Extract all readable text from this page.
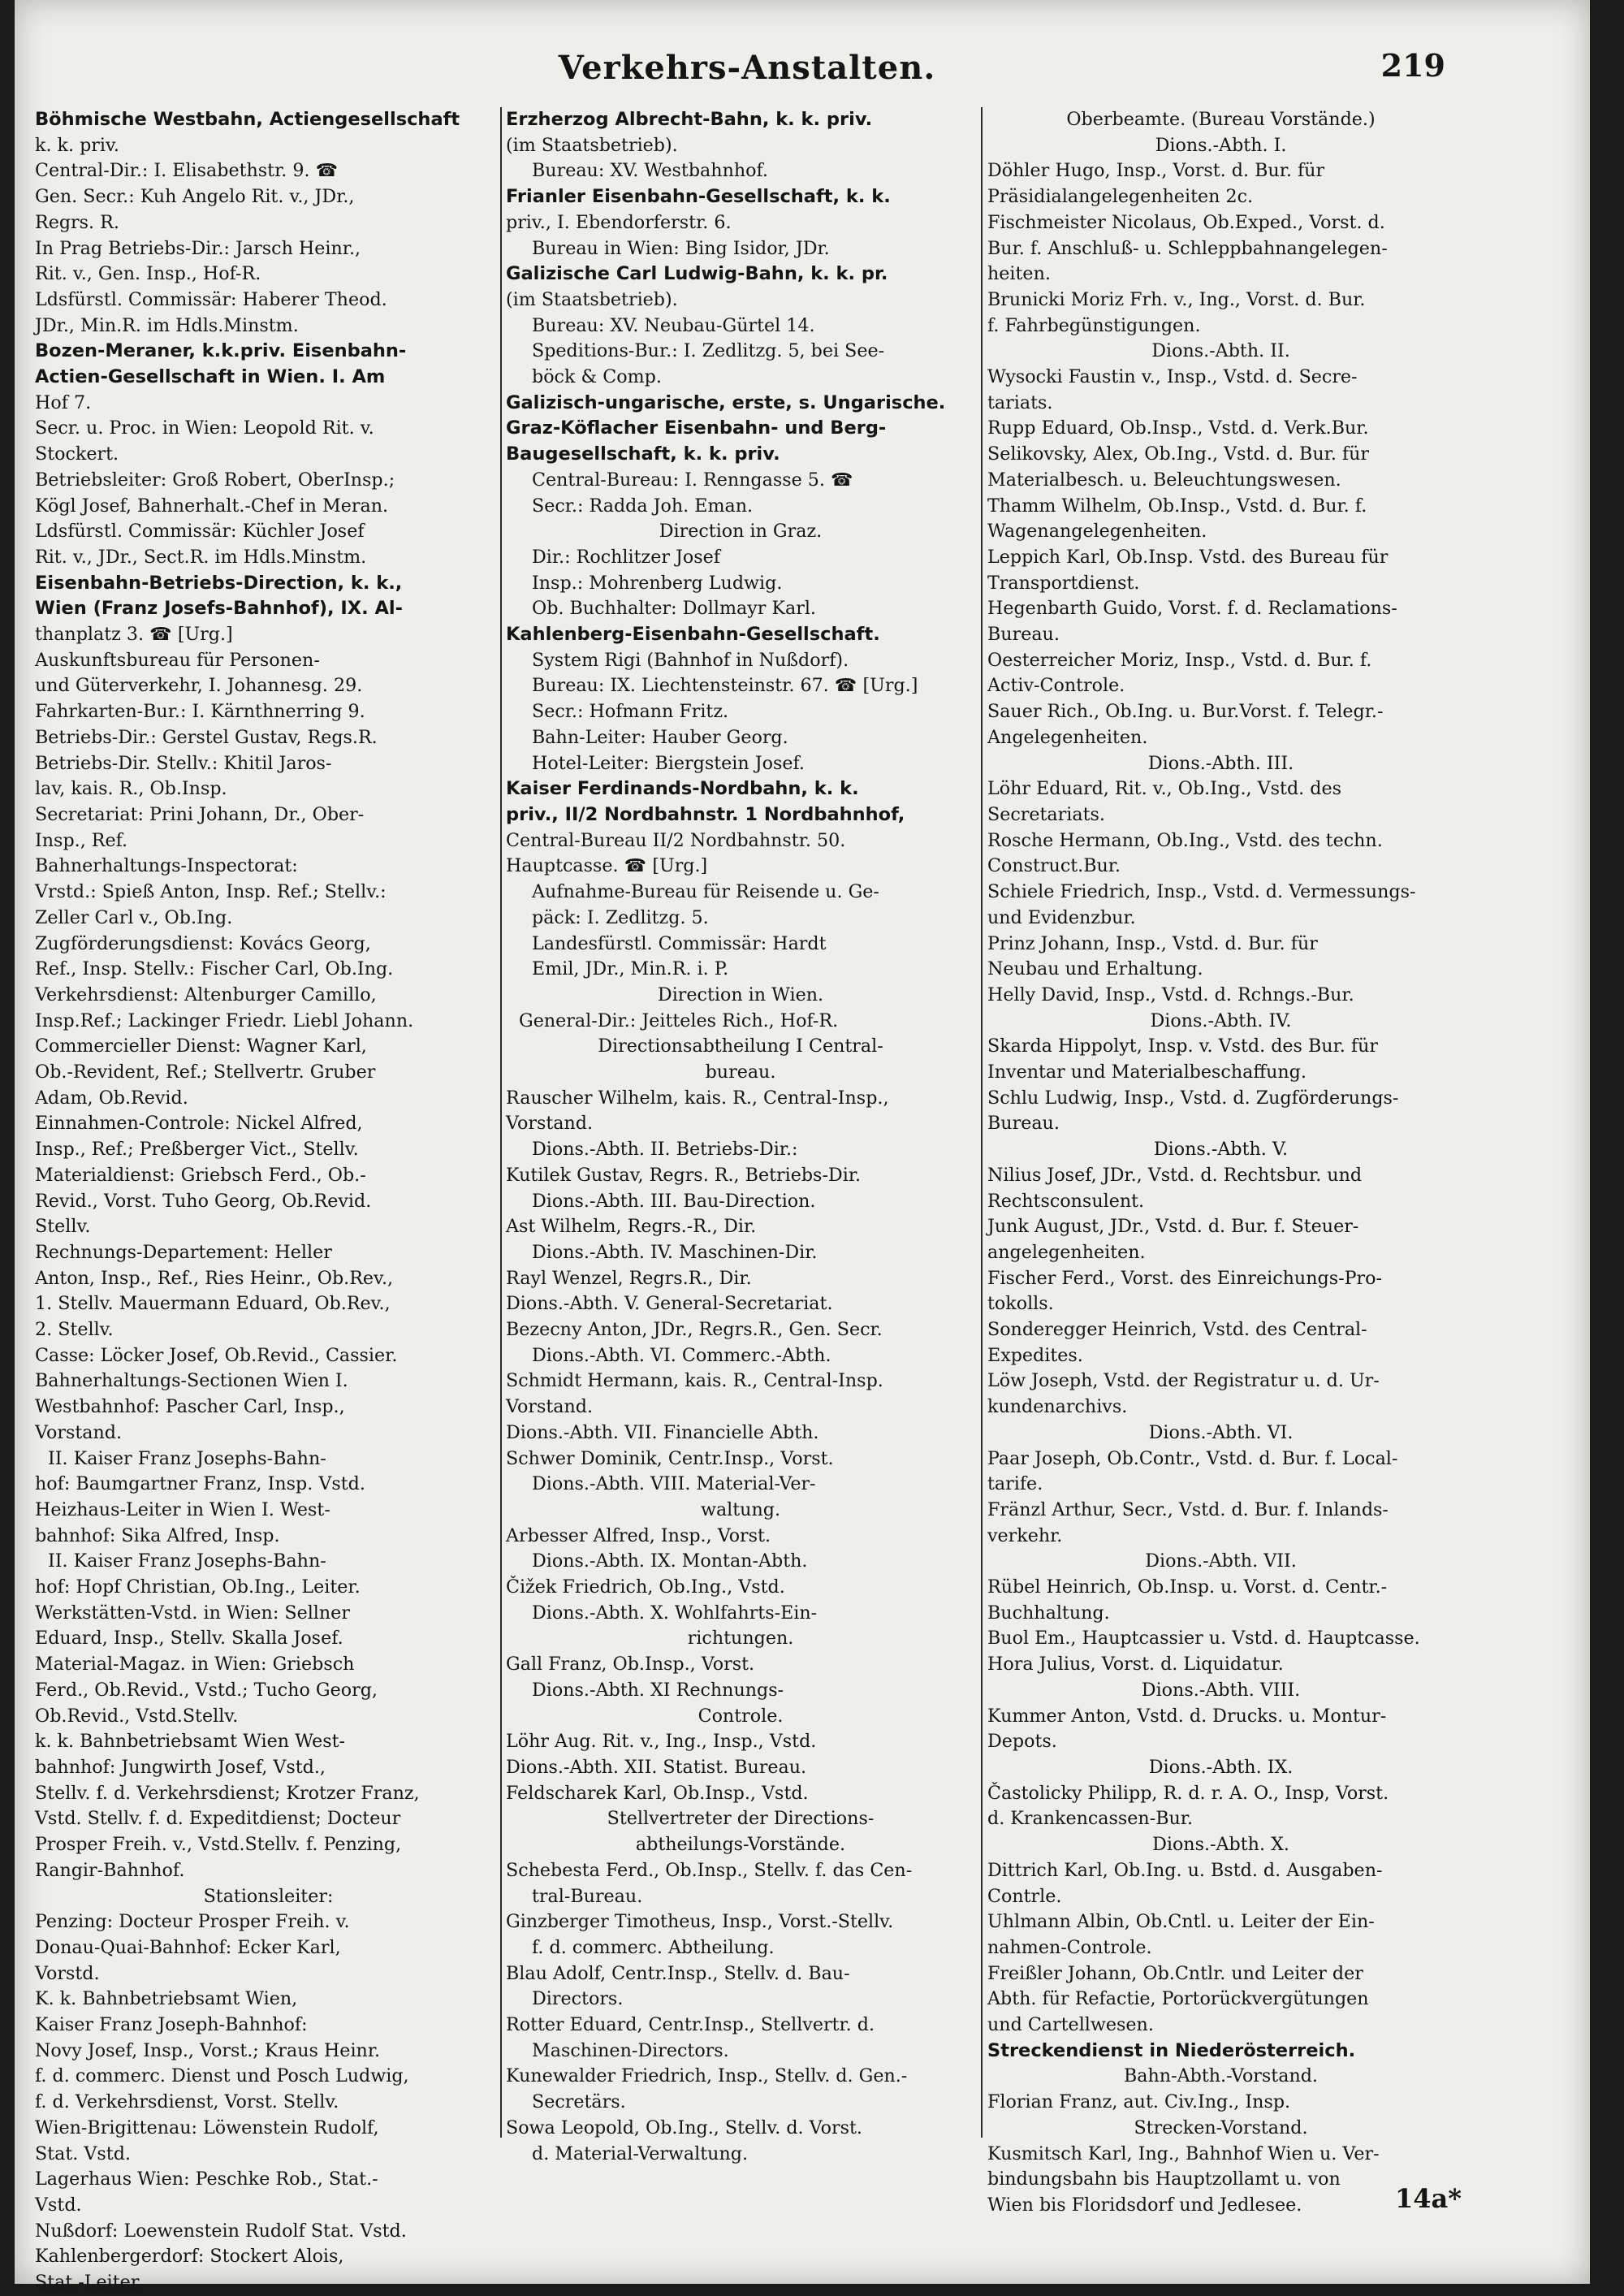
Verkehrs-Anstalten.	219
Böhmische Westbahn, Actiengesellschaft
k. k. priv.
Central-Dir.: I. Elisabethstr. 9. ☎
Gen. Secr.: Kuh Angelo Rit. v., JDr.,
Regrs. R.
In Prag Betriebs-Dir.: Jarsch Heinr.,
Rit. v., Gen. Insp., Hof-R.
Ldsfürstl. Commissär: Haberer Theod.
JDr., Min.R. im Hdls.Minstm.
Bozen-Meraner, k.k.priv. Eisenbahn-
Actien-Gesellschaft in Wien. I. Am
Hof 7.
Secr. u. Proc. in Wien: Leopold Rit. v.
Stockert.
Betriebsleiter: Groß Robert, OberInsp.;
Kögl Josef, Bahnerhalt.-Chef in Meran.
Ldsfürstl. Commissär: Küchler Josef
Rit. v., JDr., Sect.R. im Hdls.Minstm.
Eisenbahn-Betriebs-Direction, k. k.,
Wien (Franz Josefs-Bahnhof), IX. Al-
thanplatz 3. ☎ [Urg.]
Auskunftsbureau für Personen-
und Güterverkehr, I. Johannesg. 29.
Fahrkarten-Bur.: I. Kärnthnerring 9.
Betriebs-Dir.: Gerstel Gustav, Regs.R.
Betriebs-Dir. Stellv.: Khitil Jaros-
lav, kais. R., Ob.Insp.
Secretariat: Prini Johann, Dr., Ober-
Insp., Ref.
Bahnerhaltungs-Inspectorat:
Vrstd.: Spieß Anton, Insp. Ref.; Stellv.:
Zeller Carl v., Ob.Ing.
Zugförderungsdienst: Kovács Georg,
Ref., Insp. Stellv.: Fischer Carl, Ob.Ing.
Verkehrsdienst: Altenburger Camillo,
Insp.Ref.; Lackinger Friedr. Liebl Johann.
Commercieller Dienst: Wagner Karl,
Ob.-Revident, Ref.; Stellvertr. Gruber
Adam, Ob.Revid.
Einnahmen-Controle: Nickel Alfred,
Insp., Ref.; Preßberger Vict., Stellv.
Materialdienst: Griebsch Ferd., Ob.-
Revid., Vorst. Tuho Georg, Ob.Revid.
Stellv.
Rechnungs-Departement: Heller
Anton, Insp., Ref., Ries Heinr., Ob.Rev.,
1. Stellv. Mauermann Eduard, Ob.Rev.,
2. Stellv.
Casse: Löcker Josef, Ob.Revid., Cassier.
Bahnerhaltungs-Sectionen Wien I.
Westbahnhof: Pascher Carl, Insp.,
Vorstand.
II. Kaiser Franz Josephs-Bahn-
hof: Baumgartner Franz, Insp. Vstd.
Heizhaus-Leiter in Wien I. West-
bahnhof: Sika Alfred, Insp.
II. Kaiser Franz Josephs-Bahn-
hof: Hopf Christian, Ob.Ing., Leiter.
Werkstätten-Vstd. in Wien: Sellner
Eduard, Insp., Stellv. Skalla Josef.
Material-Magaz. in Wien: Griebsch
Ferd., Ob.Revid., Vstd.; Tucho Georg,
Ob.Revid., Vstd.Stellv.
k. k. Bahnbetriebsamt Wien West-
bahnhof: Jungwirth Josef, Vstd.,
Stellv. f. d. Verkehrsdienst; Krotzer Franz,
Vstd. Stellv. f. d. Expeditdienst; Docteur
Prosper Freih. v., Vstd.Stellv. f. Penzing,
Rangir-Bahnhof.
Stationsleiter:
Penzing: Docteur Prosper Freih. v.
Donau-Quai-Bahnhof: Ecker Karl,
Vorstd.
K. k. Bahnbetriebsamt Wien,
Kaiser Franz Joseph-Bahnhof:
Novy Josef, Insp., Vorst.; Kraus Heinr.
f. d. commerc. Dienst und Posch Ludwig,
f. d. Verkehrsdienst, Vorst. Stellv.
Wien-Brigittenau: Löwenstein Rudolf,
Stat. Vstd.
Lagerhaus Wien: Peschke Rob., Stat.-
Vstd.
Nußdorf: Loewenstein Rudolf Stat. Vstd.
Kahlenbergerdorf: Stockert Alois,
Stat.-Leiter.
Erzherzog Albrecht-Bahn, k. k. priv.
(im Staatsbetrieb).
Bureau: XV. Westbahnhof.
Frianler Eisenbahn-Gesellschaft, k. k.
priv., I. Ebendorferstr. 6.
Bureau in Wien: Bing Isidor, JDr.
Galizische Carl Ludwig-Bahn, k. k. pr.
(im Staatsbetrieb).
Bureau: XV. Neubau-Gürtel 14.
Speditions-Bur.: I. Zedlitzg. 5, bei See-
böck & Comp.
Galizisch-ungarische, erste, s. Ungarische.
Graz-Köflacher Eisenbahn- und Berg-
Baugesellschaft, k. k. priv.
Central-Bureau: I. Renngasse 5. ☎
Secr.: Radda Joh. Eman.
Direction in Graz.
Dir.: Rochlitzer Josef
Insp.: Mohrenberg Ludwig.
Ob. Buchhalter: Dollmayr Karl.
Kahlenberg-Eisenbahn-Gesellschaft.
System Rigi (Bahnhof in Nußdorf).
Bureau: IX. Liechtensteinstr. 67. ☎ [Urg.]
Secr.: Hofmann Fritz.
Bahn-Leiter: Hauber Georg.
Hotel-Leiter: Biergstein Josef.
Kaiser Ferdinands-Nordbahn, k. k.
priv., II/2 Nordbahnstr. 1 Nordbahnhof,
Central-Bureau II/2 Nordbahnstr. 50.
Hauptcasse. ☎ [Urg.]
Aufnahme-Bureau für Reisende u. Ge-
päck: I. Zedlitzg. 5.
Landesfürstl. Commissär: Hardt
Emil, JDr., Min.R. i. P.
Direction in Wien.
General-Dir.: Jeitteles Rich., Hof-R.
Directionsabtheilung I Central-
bureau.
Rauscher Wilhelm, kais. R., Central-Insp.,
Vorstand.
Dions.-Abth. II. Betriebs-Dir.:
Kutilek Gustav, Regrs. R., Betriebs-Dir.
Dions.-Abth. III. Bau-Direction.
Ast Wilhelm, Regrs.-R., Dir.
Dions.-Abth. IV. Maschinen-Dir.
Rayl Wenzel, Regrs.R., Dir.
Dions.-Abth. V. General-Secretariat.
Bezecny Anton, JDr., Regrs.R., Gen. Secr.
Dions.-Abth. VI. Commerc.-Abth.
Schmidt Hermann, kais. R., Central-Insp.
Vorstand.
Dions.-Abth. VII. Financielle Abth.
Schwer Dominik, Centr.Insp., Vorst.
Dions.-Abth. VIII. Material-Ver-
waltung.
Arbesser Alfred, Insp., Vorst.
Dions.-Abth. IX. Montan-Abth.
Čižek Friedrich, Ob.Ing., Vstd.
Dions.-Abth. X. Wohlfahrts-Ein-
richtungen.
Gall Franz, Ob.Insp., Vorst.
Dions.-Abth. XI Rechnungs-
Controle.
Löhr Aug. Rit. v., Ing., Insp., Vstd.
Dions.-Abth. XII. Statist. Bureau.
Feldscharek Karl, Ob.Insp., Vstd.
Stellvertreter der Directions-
abtheilungs-Vorstände.
Schebesta Ferd., Ob.Insp., Stellv. f. das Cen-
tral-Bureau.
Ginzberger Timotheus, Insp., Vorst.-Stellv.
f. d. commerc. Abtheilung.
Blau Adolf, Centr.Insp., Stellv. d. Bau-
Directors.
Rotter Eduard, Centr.Insp., Stellvertr. d.
Maschinen-Directors.
Kunewalder Friedrich, Insp., Stellv. d. Gen.-
Secretärs.
Sowa Leopold, Ob.Ing., Stellv. d. Vorst.
d. Material-Verwaltung.
Oberbeamte. (Bureau Vorstände.)
Dions.-Abth. I.
Döhler Hugo, Insp., Vorst. d. Bur. für
Präsidialangelegenheiten 2c.
Fischmeister Nicolaus, Ob.Exped., Vorst. d.
Bur. f. Anschluß- u. Schleppbahnangelegen-
heiten.
Brunicki Moriz Frh. v., Ing., Vorst. d. Bur.
f. Fahrbegünstigungen.
Dions.-Abth. II.
Wysocki Faustin v., Insp., Vstd. d. Secre-
tariats.
Rupp Eduard, Ob.Insp., Vstd. d. Verk.Bur.
Selikovsky, Alex, Ob.Ing., Vstd. d. Bur. für
Materialbesch. u. Beleuchtungswesen.
Thamm Wilhelm, Ob.Insp., Vstd. d. Bur. f.
Wagenangelegenheiten.
Leppich Karl, Ob.Insp. Vstd. des Bureau für
Transportdienst.
Hegenbarth Guido, Vorst. f. d. Reclamations-
Bureau.
Oesterreicher Moriz, Insp., Vstd. d. Bur. f.
Activ-Controle.
Sauer Rich., Ob.Ing. u. Bur.Vorst. f. Telegr.-
Angelegenheiten.
Dions.-Abth. III.
Löhr Eduard, Rit. v., Ob.Ing., Vstd. des
Secretariats.
Rosche Hermann, Ob.Ing., Vstd. des techn.
Construct.Bur.
Schiele Friedrich, Insp., Vstd. d. Vermessungs-
und Evidenzbur.
Prinz Johann, Insp., Vstd. d. Bur. für
Neubau und Erhaltung.
Helly David, Insp., Vstd. d. Rchngs.-Bur.
Dions.-Abth. IV.
Skarda Hippolyt, Insp. v. Vstd. des Bur. für
Inventar und Materialbeschaffung.
Schlu Ludwig, Insp., Vstd. d. Zugförderungs-
Bureau.
Dions.-Abth. V.
Nilius Josef, JDr., Vstd. d. Rechtsbur. und
Rechtsconsulent.
Junk August, JDr., Vstd. d. Bur. f. Steuer-
angelegenheiten.
Fischer Ferd., Vorst. des Einreichungs-Pro-
tokolls.
Sonderegger Heinrich, Vstd. des Central-
Expedites.
Löw Joseph, Vstd. der Registratur u. d. Ur-
kundenarchivs.
Dions.-Abth. VI.
Paar Joseph, Ob.Contr., Vstd. d. Bur. f. Local-
tarife.
Fränzl Arthur, Secr., Vstd. d. Bur. f. Inlands-
verkehr.
Dions.-Abth. VII.
Rübel Heinrich, Ob.Insp. u. Vorst. d. Centr.-
Buchhaltung.
Buol Em., Hauptcassier u. Vstd. d. Hauptcasse.
Hora Julius, Vorst. d. Liquidatur.
Dions.-Abth. VIII.
Kummer Anton, Vstd. d. Drucks. u. Montur-
Depots.
Dions.-Abth. IX.
Častolicky Philipp, R. d. r. A. O., Insp, Vorst.
d. Krankencassen-Bur.
Dions.-Abth. X.
Dittrich Karl, Ob.Ing. u. Bstd. d. Ausgaben-
Contrle.
Uhlmann Albin, Ob.Cntl. u. Leiter der Ein-
nahmen-Controle.
Freißler Johann, Ob.Cntlr. und Leiter der
Abth. für Refactie, Portorückvergütungen
und Cartellwesen.
Streckendienst in Niederösterreich.
Bahn-Abth.-Vorstand.
Florian Franz, aut. Civ.Ing., Insp.
Strecken-Vorstand.
Kusmitsch Karl, Ing., Bahnhof Wien u. Ver-
bindungsbahn bis Hauptzollamt u. von
Wien bis Floridsdorf und Jedlesee.	14a*
